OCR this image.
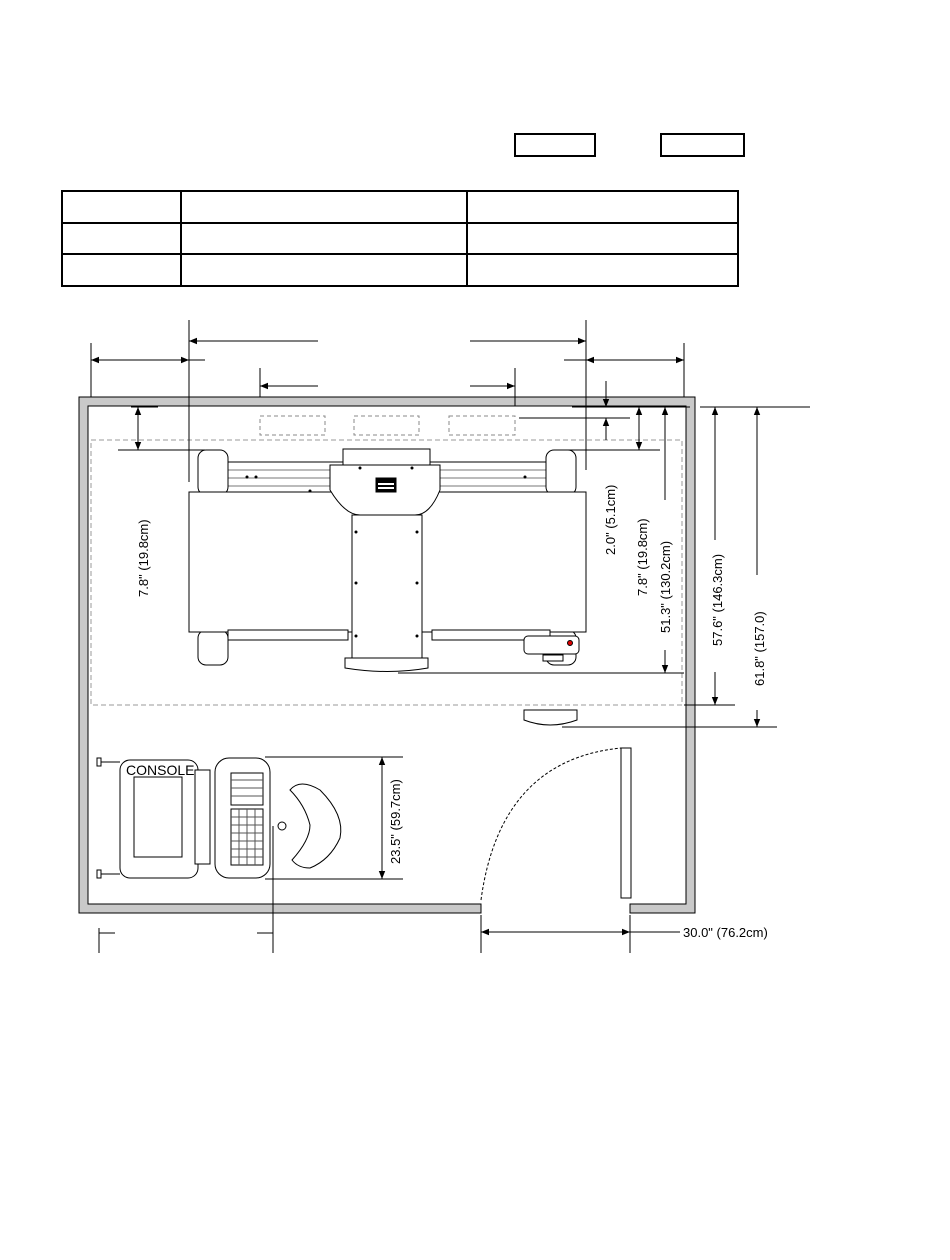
CONSOLE
7.8" (19.8cm)	2.0" (5.1cm) 7.8" (19.8cm) 51.3" (130.2cm)	57.6" (146.3cm)
61.8" (157.0)
23.5" (59.7cm)
30.0" (76.2cm)
